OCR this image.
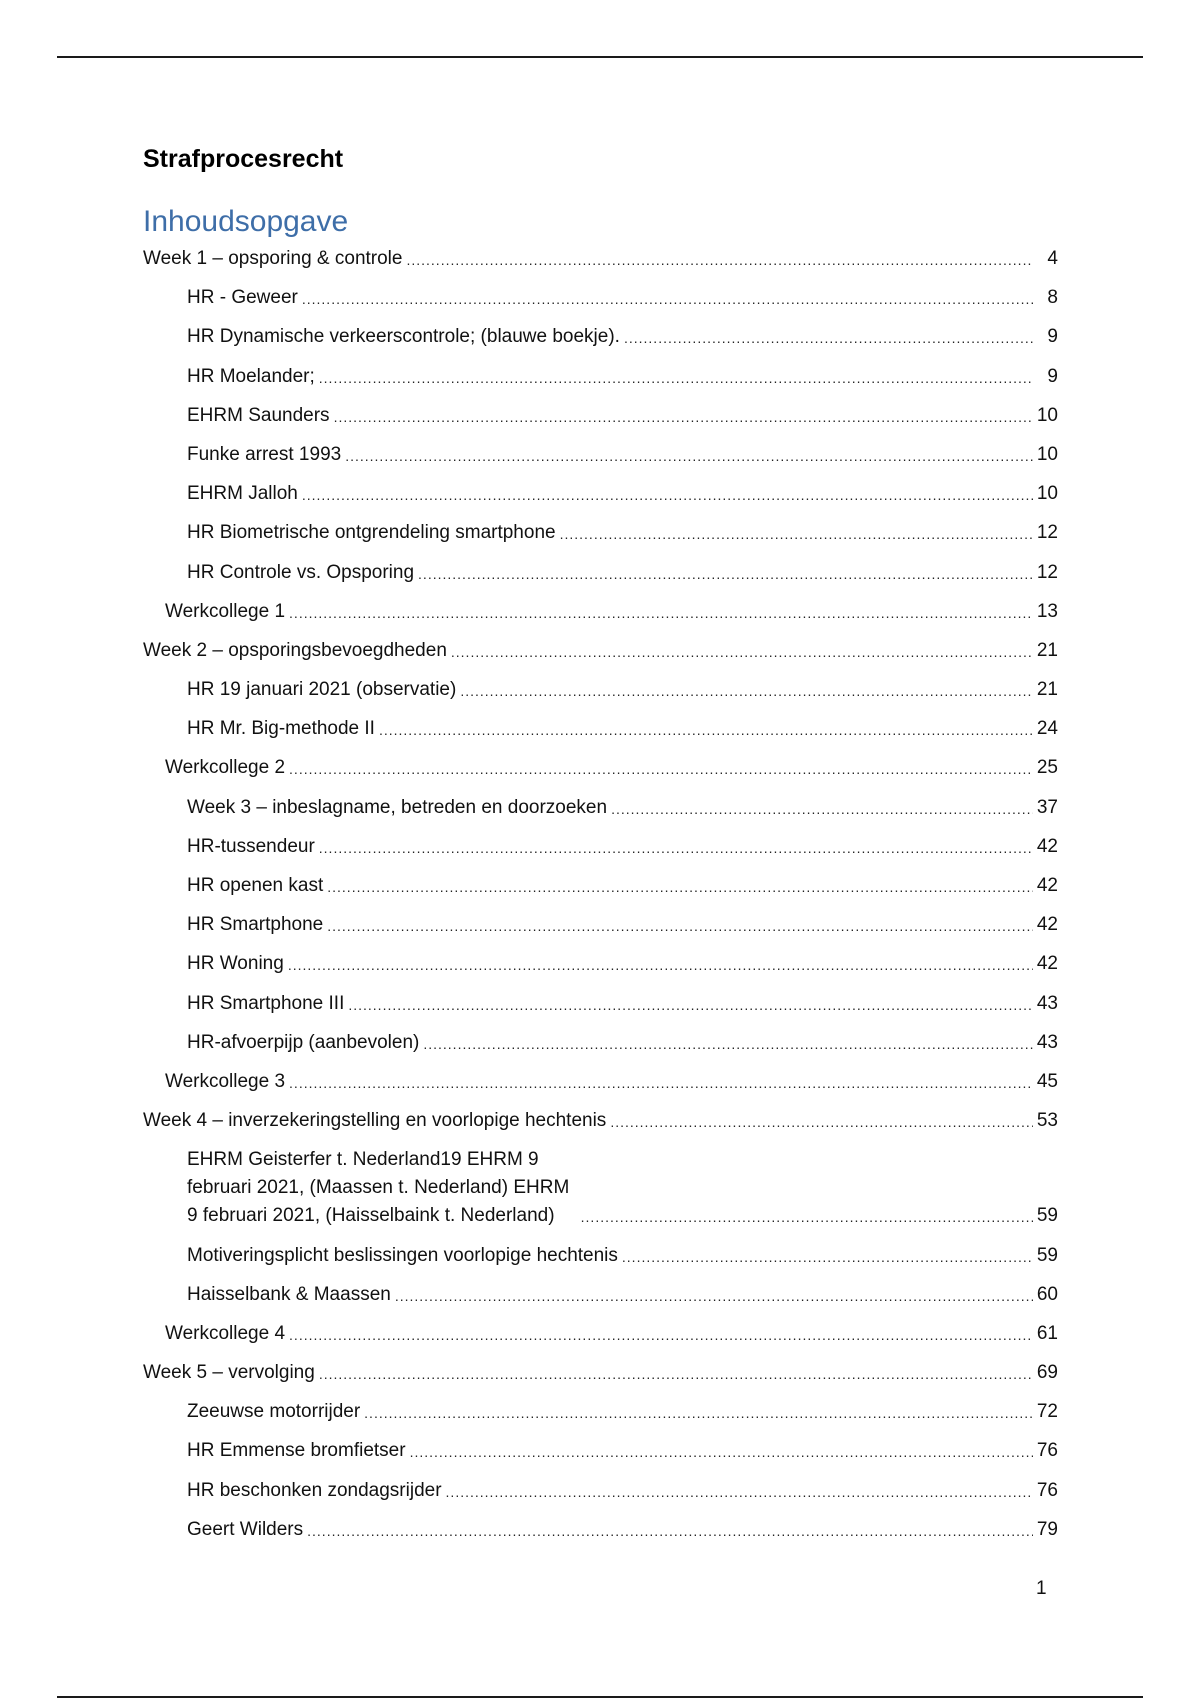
Strafprocesrecht
Inhoudsopgave
Week 1 – opsporing & controle .....	4
HR - Geweer .....	8
HR Dynamische verkeerscontrole; (blauwe boekje). .....	9
HR Moelander; .....	9
EHRM Saunders .....	10
Funke arrest 1993 .....	10
EHRM Jalloh .....	10
HR Biometrische ontgrendeling smartphone .....	12
HR Controle vs. Opsporing .....	12
Werkcollege 1 .....	13
Week 2 – opsporingsbevoegdheden .....	21
HR 19 januari 2021 (observatie) .....	21
HR Mr. Big-methode II .....	24
Werkcollege 2 .....	25
Week 3 – inbeslagname, betreden en doorzoeken .....	37
HR-tussendeur .....	42
HR openen kast .....	42
HR Smartphone .....	42
HR Woning .....	42
HR Smartphone III .....	43
HR-afvoerpijp (aanbevolen) .....	43
Werkcollege 3 .....	45
Week 4 – inverzekeringstelling en voorlopige hechtenis .....	53
EHRM Geisterfer t. Nederland19 EHRM 9 februari 2021, (Maassen t. Nederland) EHRM 9 februari 2021, (Haisselbaink t. Nederland) .....	59
Motiveringsplicht beslissingen voorlopige hechtenis .....	59
Haisselbank & Maassen .....	60
Werkcollege 4 .....	61
Week 5 – vervolging .....	69
Zeeuwse motorrijder .....	72
HR Emmense bromfietser .....	76
HR beschonken zondagsrijder .....	76
Geert Wilders .....	79
1
